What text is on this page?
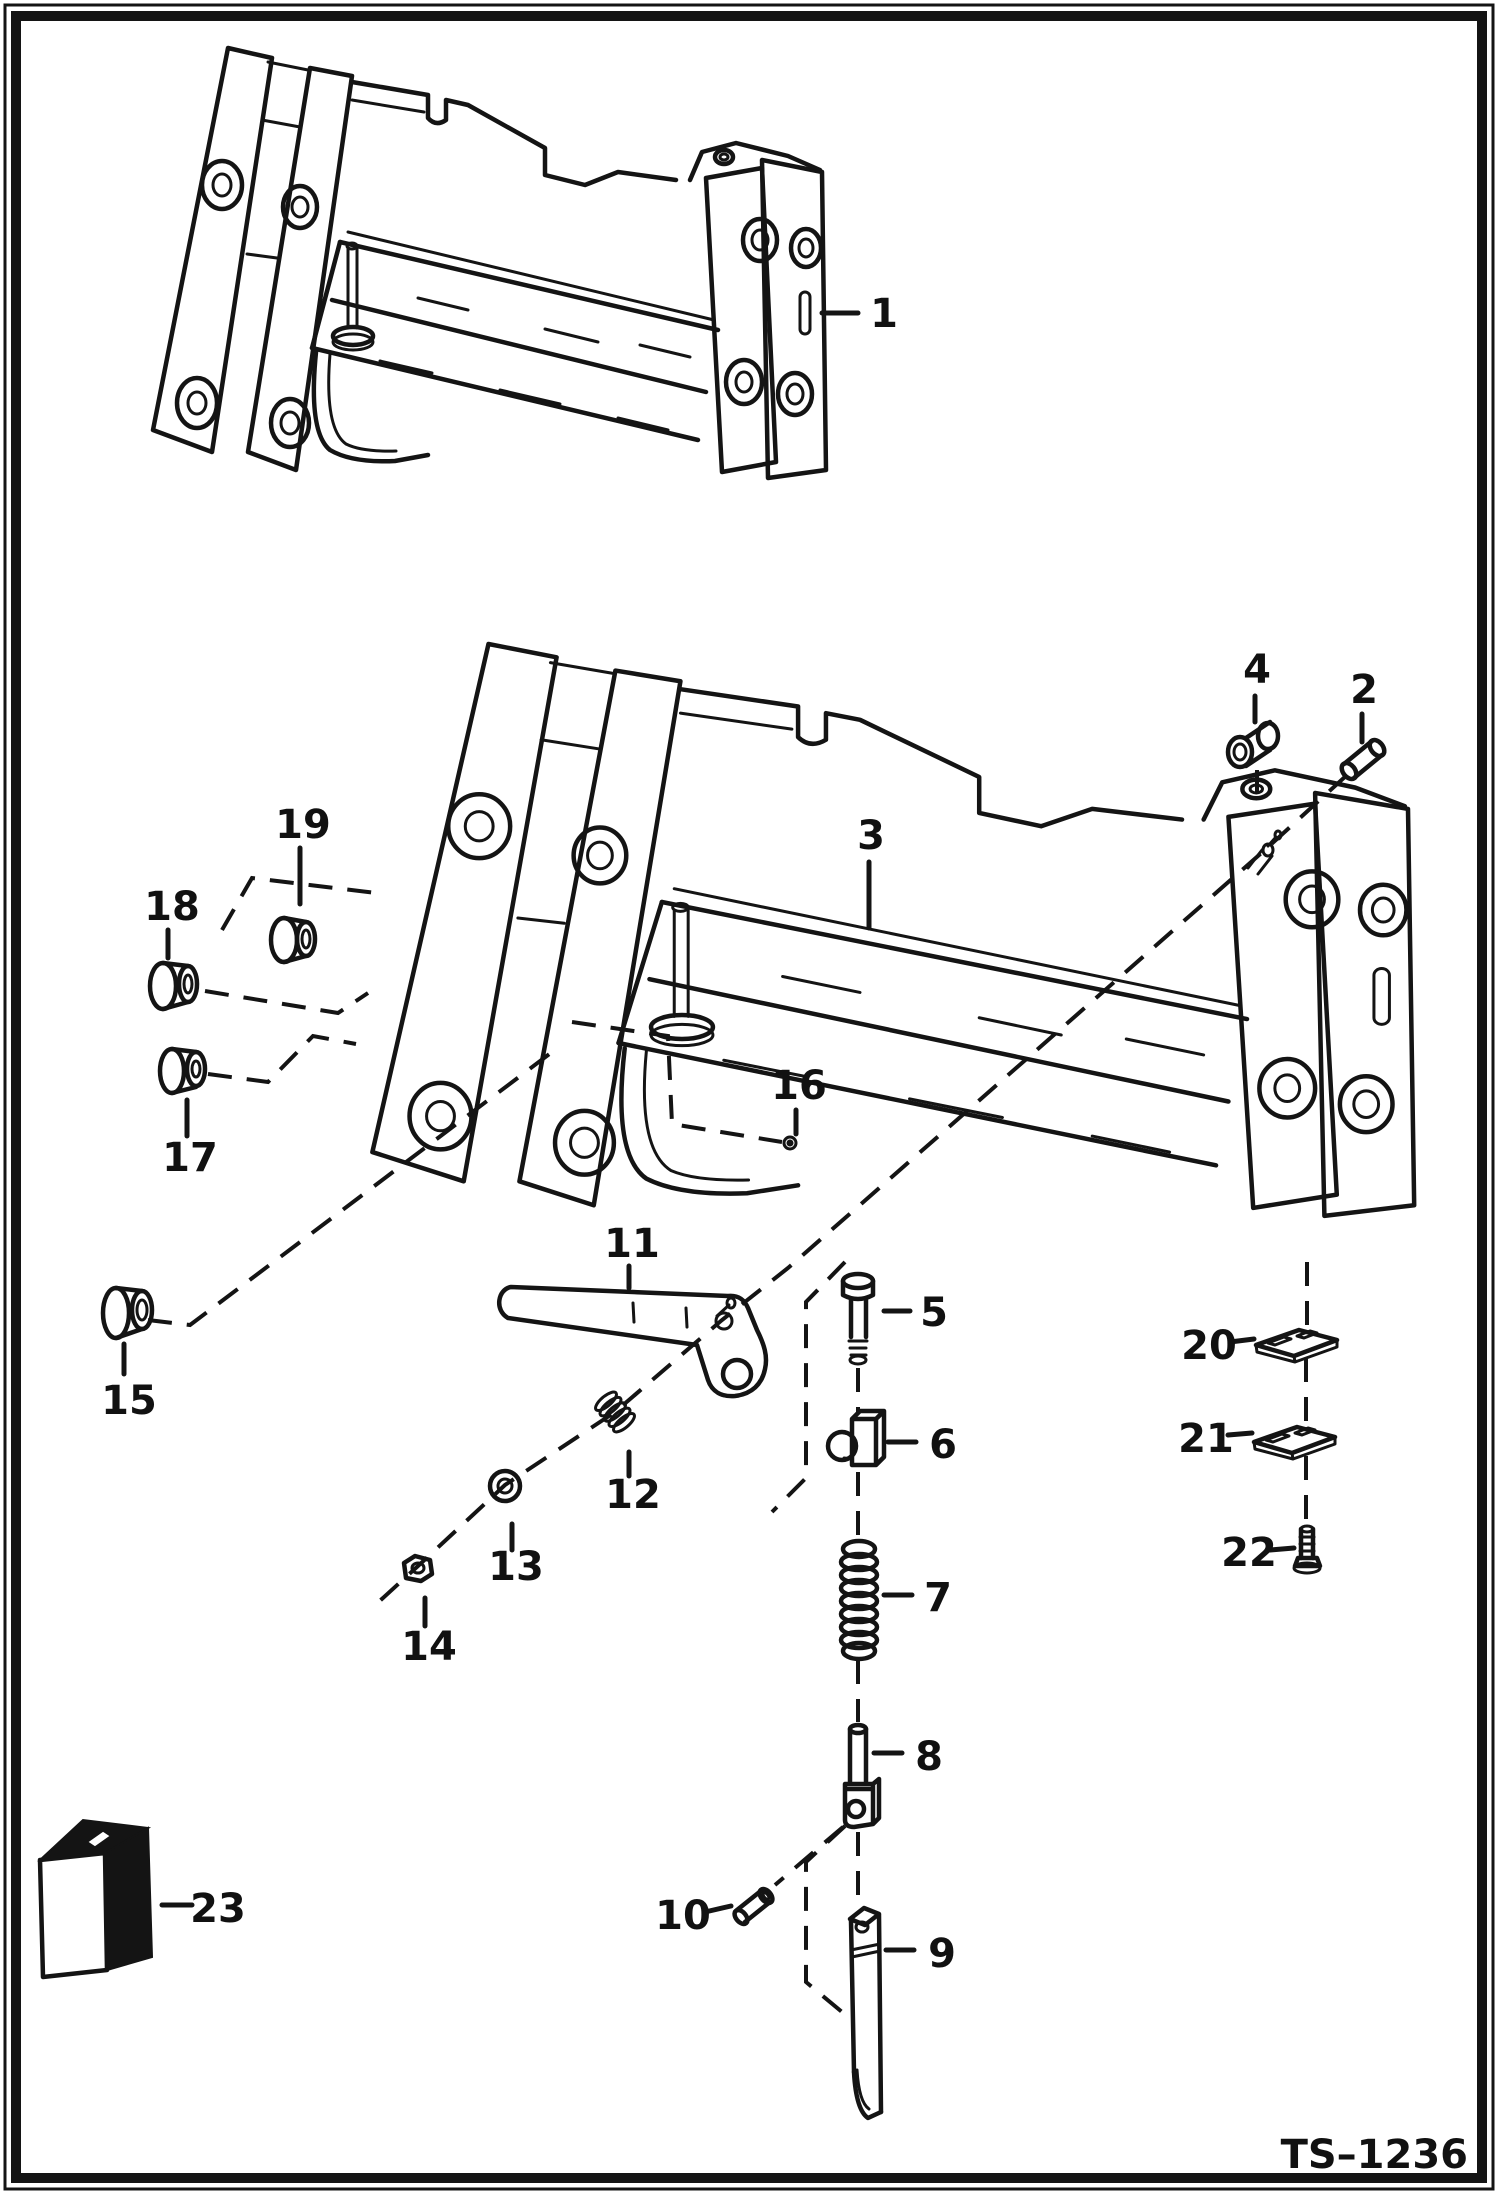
1
2
3
4
5
6
7
8
9
10
11
12
13
14
15
16
17
18
19
20
21
22
23
TS–1236
